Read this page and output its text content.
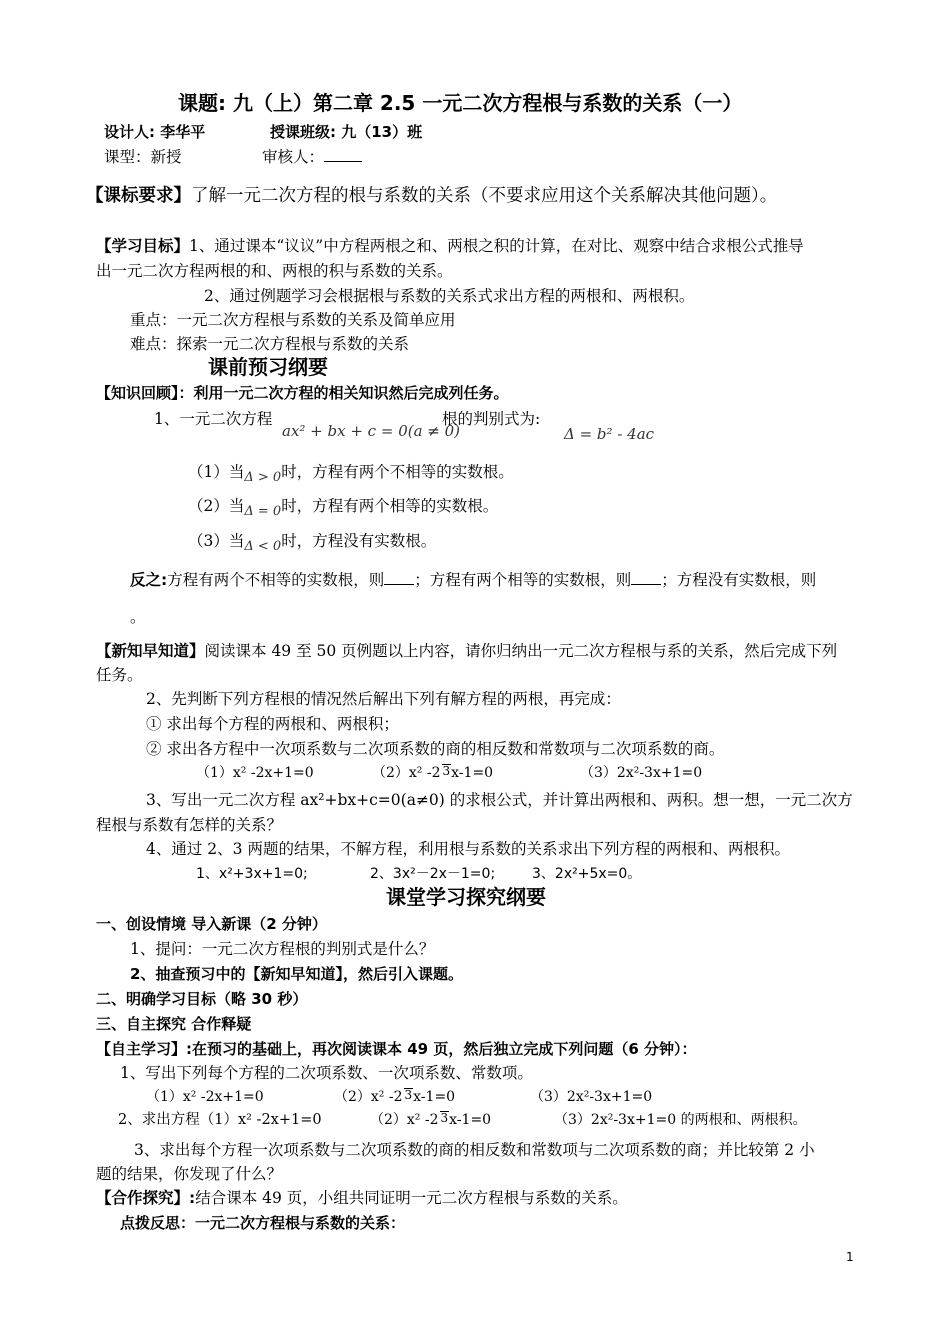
课题: 九（上）第二章 2.5 一元二次方程根与系数的关系（一）
设计人: 李华平	授课班级: 九（13）班
课型：新授	审核人：
【课标要求】了解一元二次方程的根与系数的关系（不要求应用这个关系解决其他问题）。
【学习目标】1、通过课本“议议”中方程两根之和、两根之积的计算，在对比、观察中结合求根公式推导
出一元二次方程两根的和、两根的积与系数的关系。
2、通过例题学习会根据根与系数的关系式求出方程的两根和、两根积。
重点：一元二次方程根与系数的关系及简单应用
难点：探索一元二次方程根与系数的关系
课前预习纲要
【知识回顾】：利用一元二次方程的相关知识然后完成列任务。
1、一元二次方程
ax² + bx + c = 0(a ≠ 0)
根的判别式为:
Δ = b² - 4ac
（1）当$_{\Delta > 0}$时，方程有两个不相等的实数根。
（2）当$_{\Delta = 0}$时，方程有两个相等的实数根。
（3）当$_{\Delta < 0}$时，方程没有实数根。
反之:方程有两个不相等的实数根，则 ；方程有两个相等的实数根，则 ；方程没有实数根，则
。
【新知早知道】阅读课本 49 至 50 页例题以上内容，请你归纳出一元二次方程根与系的关系，然后完成下列
任务。
2、先判断下列方程根的情况然后解出下列有解方程的两根，再完成：
① 求出每个方程的两根和、两根积；
② 求出各方程中一次项系数与二次项系数的商的相反数和常数项与二次项系数的商。
（1）x² -2x+1=0	（2）x² -2 3x-1=0	（3）2x²-3x+1=0
3、写出一元二次方程 ax²+bx+c=0(a≠0) 的求根公式，并计算出两根和、两积。想一想，一元二次方
程根与系数有怎样的关系？
4、通过 2、3 两题的结果，不解方程，利用根与系数的关系求出下列方程的两根和、两根积。
1、x²+3x+1=0;	2、3x²－2x－1=0;	3、2x²+5x=0。
课堂学习探究纲要
一、创设情境 导入新课（2 分钟）
1、提问：一元二次方程根的判别式是什么？
2、抽查预习中的【新知早知道】，然后引入课题。
二、明确学习目标（略 30 秒）
三、自主探究 合作释疑
【自主学习】:在预习的基础上，再次阅读课本 49 页，然后独立完成下列问题（6 分钟）：
1、写出下列每个方程的二次项系数、一次项系数、常数项。
（1）x² -2x+1=0	（2）x² -2 3x-1=0	（3）2x²-3x+1=0
2、求出方程（1）x² -2x+1=0	（2）x² -2 3x-1=0	（3）2x²-3x+1=0 的两根和、两根积。
3、求出每个方程一次项系数与二次项系数的商的相反数和常数项与二次项系数的商；并比较第 2 小
题的结果，你发现了什么？
【合作探究】:结合课本 49 页，小组共同证明一元二次方程根与系数的关系。
点拨反思：一元二次方程根与系数的关系：
1
